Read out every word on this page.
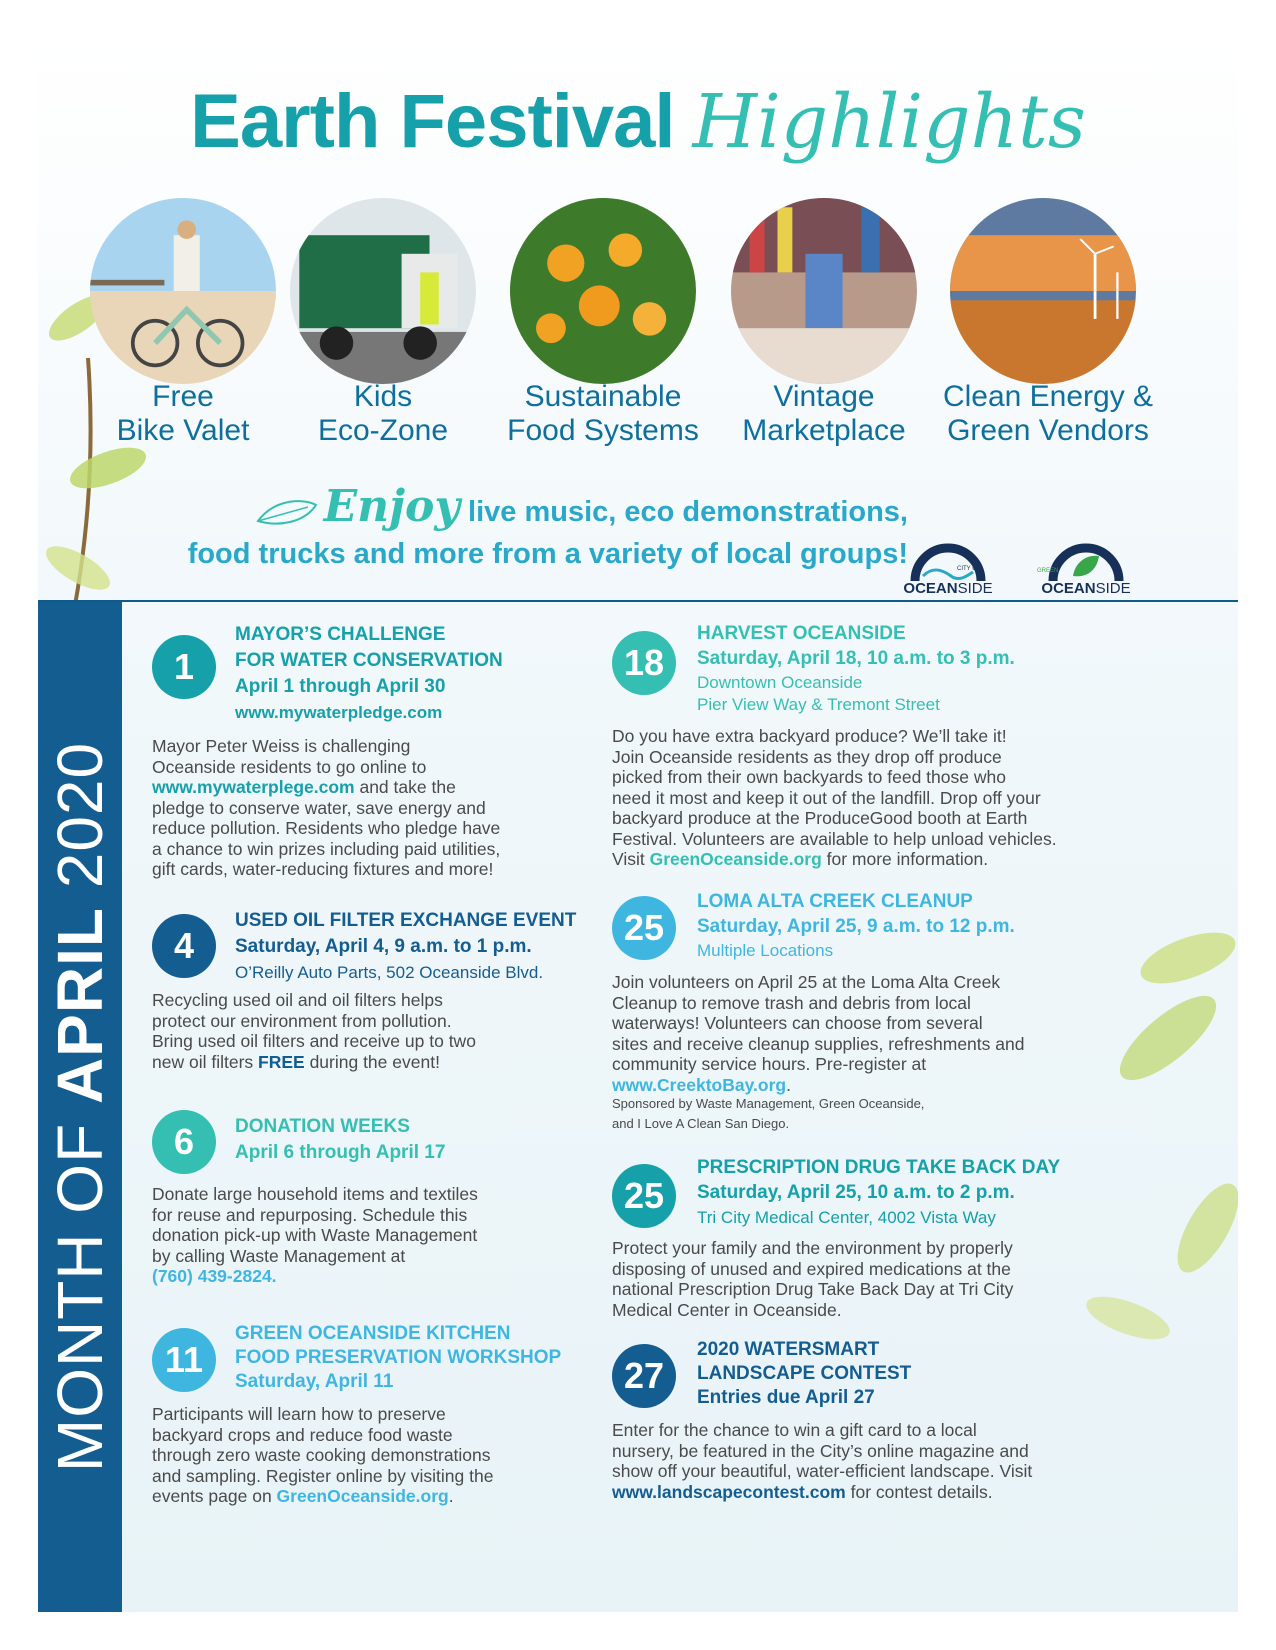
Earth Festival Highlights
Free
Bike Valet
Kids
Eco-Zone
Sustainable
Food Systems
Vintage
Marketplace
Clean Energy &
Green Vendors
Enjoy live music, eco demonstrations,
food trucks and more from a variety of local groups!
OCEANSIDE
CITY OF
OCEANSIDE
GREEN
MONTH OF APRIL 2020
1
MAYOR’S CHALLENGE
FOR WATER CONSERVATION
April 1 through April 30
www.mywaterpledge.com
Mayor Peter Weiss is challenging
Oceanside residents to go online to
www.mywaterplege.com and take the
pledge to conserve water, save energy and
reduce pollution. Residents who pledge have
a chance to win prizes including paid utilities,
gift cards, water-reducing fixtures and more!
4
USED OIL FILTER EXCHANGE EVENT
Saturday, April 4, 9 a.m. to 1 p.m.
O’Reilly Auto Parts, 502 Oceanside Blvd.
Recycling used oil and oil filters helps
protect our environment from pollution.
Bring used oil filters and receive up to two
new oil filters FREE during the event!
6	DONATION WEEKS
April 6 through April 17
Donate large household items and textiles
for reuse and repurposing. Schedule this
donation pick-up with Waste Management
by calling Waste Management at
(760) 439-2824.
11
GREEN OCEANSIDE KITCHEN
FOOD PRESERVATION WORKSHOP
Saturday, April 11
Participants will learn how to preserve
backyard crops and reduce food waste
through zero waste cooking demonstrations
and sampling. Register online by visiting the
events page on GreenOceanside.org.
18
HARVEST OCEANSIDE
Saturday, April 18, 10 a.m. to 3 p.m.
Downtown Oceanside
Pier View Way & Tremont Street
Do you have extra backyard produce? We’ll take it!
Join Oceanside residents as they drop off produce
picked from their own backyards to feed those who
need it most and keep it out of the landfill. Drop off your
backyard produce at the ProduceGood booth at Earth
Festival. Volunteers are available to help unload vehicles.
Visit GreenOceanside.org for more information.
25
LOMA ALTA CREEK CLEANUP
Saturday, April 25, 9 a.m. to 12 p.m.
Multiple Locations
Join volunteers on April 25 at the Loma Alta Creek
Cleanup to remove trash and debris from local
waterways! Volunteers can choose from several
sites and receive cleanup supplies, refreshments and
community service hours. Pre-register at
www.CreektoBay.org.
Sponsored by Waste Management, Green Oceanside,
and I Love A Clean San Diego.
25
PRESCRIPTION DRUG TAKE BACK DAY
Saturday, April 25, 10 a.m. to 2 p.m.
Tri City Medical Center, 4002 Vista Way
Protect your family and the environment by properly
disposing of unused and expired medications at the
national Prescription Drug Take Back Day at Tri City
Medical Center in Oceanside.
27
2020 WATERSMART
LANDSCAPE CONTEST
Entries due April 27
Enter for the chance to win a gift card to a local
nursery, be featured in the City’s online magazine and
show off your beautiful, water-efficient landscape. Visit
www.landscapecontest.com for contest details.
